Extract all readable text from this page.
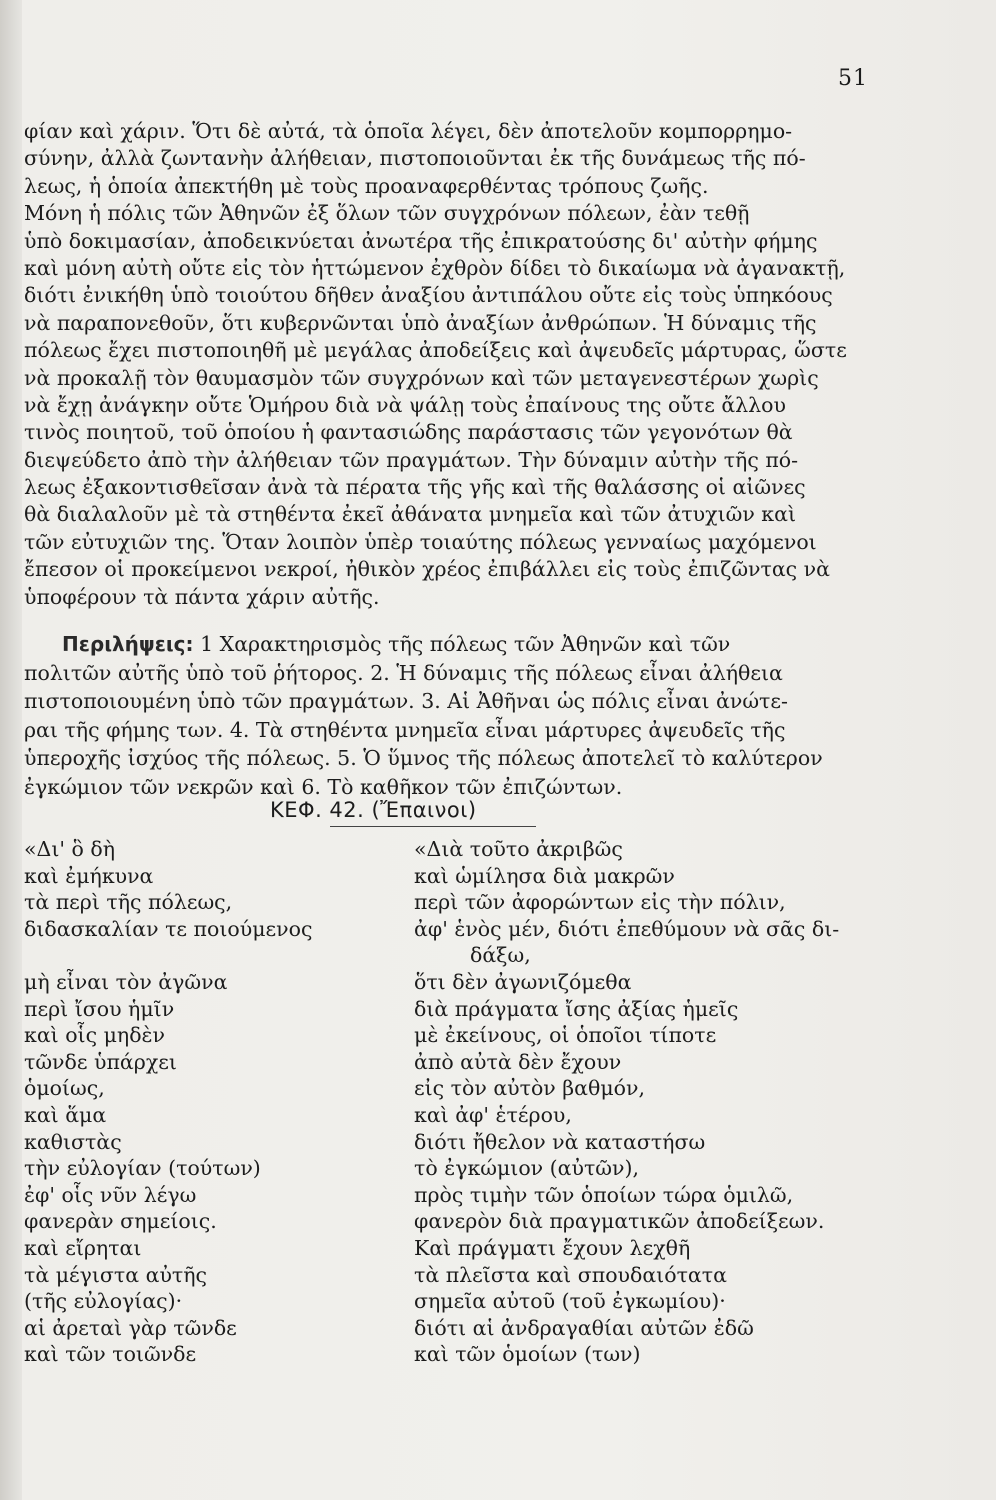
51
φίαν καὶ χάριν. Ὅτι δὲ αὐτά, τὰ ὁποῖα λέγει, δὲν ἀποτελοῦν κομπορρημο-
σύνην, ἀλλὰ ζωντανὴν ἀλήθειαν, πιστοποιοῦνται ἐκ τῆς δυνάμεως τῆς πό-
λεως, ἡ ὁποία ἀπεκτήθη μὲ τοὺς προαναφερθέντας τρόπους ζωῆς.
Μόνη ἡ πόλις τῶν Ἀθηνῶν ἐξ ὅλων τῶν συγχρόνων πόλεων, ἐὰν τεθῇ
ὑπὸ δοκιμασίαν, ἀποδεικνύεται ἀνωτέρα τῆς ἐπικρατούσης δι' αὐτὴν φήμης
καὶ μόνη αὐτὴ οὔτε εἰς τὸν ἡττώμενον ἐχθρὸν δίδει τὸ δικαίωμα νὰ ἀγανακτῇ,
διότι ἐνικήθη ὑπὸ τοιούτου δῆθεν ἀναξίου ἀντιπάλου οὔτε εἰς τοὺς ὑπηκόους
νὰ παραπονεθοῦν, ὅτι κυβερνῶνται ὑπὸ ἀναξίων ἀνθρώπων. Ἡ δύναμις τῆς
πόλεως ἔχει πιστοποιηθῆ μὲ μεγάλας ἀποδείξεις καὶ ἀψευδεῖς μάρτυρας, ὥστε
νὰ προκαλῇ τὸν θαυμασμὸν τῶν συγχρόνων καὶ τῶν μεταγενεστέρων χωρὶς
νὰ ἔχῃ ἀνάγκην οὔτε Ὁμήρου διὰ νὰ ψάλῃ τοὺς ἐπαίνους της οὔτε ἄλλου
τινὸς ποιητοῦ, τοῦ ὁποίου ἡ φαντασιώδης παράστασις τῶν γεγονότων θὰ
διεψεύδετο ἀπὸ τὴν ἀλήθειαν τῶν πραγμάτων. Τὴν δύναμιν αὐτὴν τῆς πό-
λεως ἐξακοντισθεῖσαν ἀνὰ τὰ πέρατα τῆς γῆς καὶ τῆς θαλάσσης οἱ αἰῶνες
θὰ διαλαλοῦν μὲ τὰ στηθέντα ἐκεῖ ἀθάνατα μνημεῖα καὶ τῶν ἀτυχιῶν καὶ
τῶν εὐτυχιῶν της. Ὅταν λοιπὸν ὑπὲρ τοιαύτης πόλεως γενναίως μαχόμενοι
ἔπεσον οἱ προκείμενοι νεκροί, ἠθικὸν χρέος ἐπιβάλλει εἰς τοὺς ἐπιζῶντας νὰ
ὑποφέρουν τὰ πάντα χάριν αὐτῆς.
Περιλήψεις: 1 Χαρακτηρισμὸς τῆς πόλεως τῶν Ἀθηνῶν καὶ τῶν
πολιτῶν αὐτῆς ὑπὸ τοῦ ῥήτορος. 2. Ἡ δύναμις τῆς πόλεως εἶναι ἀλήθεια
πιστοποιουμένη ὑπὸ τῶν πραγμάτων. 3. Αἱ Ἀθῆναι ὡς πόλις εἶναι ἀνώτε-
ραι τῆς φήμης των. 4. Τὰ στηθέντα μνημεῖα εἶναι μάρτυρες ἀψευδεῖς τῆς
ὑπεροχῆς ἰσχύος τῆς πόλεως. 5. Ὁ ὕμνος τῆς πόλεως ἀποτελεῖ τὸ καλύτερον
ἐγκώμιον τῶν νεκρῶν καὶ 6. Τὸ καθῆκον τῶν ἐπιζώντων.
ΚΕΦ. 42. (Ἔπαινοι)
«Δι' ὃ δὴ
καὶ ἐμήκυνα
τὰ περὶ τῆς πόλεως,
διδασκαλίαν τε ποιούμενος
μὴ εἶναι τὸν ἀγῶνα
περὶ ἴσου ἡμῖν
καὶ οἷς μηδὲν
τῶνδε ὑπάρχει
ὁμοίως,
καὶ ἅμα
καθιστὰς
τὴν εὐλογίαν (τούτων)
ἐφ' οἷς νῦν λέγω
φανερὰν σημείοις.
καὶ εἴρηται
τὰ μέγιστα αὐτῆς
(τῆς εὐλογίας)·
αἱ ἀρεταὶ γὰρ τῶνδε
καὶ τῶν τοιῶνδε
«Διὰ τοῦτο ἀκριβῶς
καὶ ὡμίλησα διὰ μακρῶν
περὶ τῶν ἀφορώντων εἰς τὴν πόλιν,
ἀφ' ἑνὸς μέν, διότι ἐπεθύμουν νὰ σᾶς δι-
δάξω,
ὅτι δὲν ἀγωνιζόμεθα
διὰ πράγματα ἴσης ἀξίας ἡμεῖς
μὲ ἐκείνους, οἱ ὁποῖοι τίποτε
ἀπὸ αὐτὰ δὲν ἔχουν
εἰς τὸν αὐτὸν βαθμόν,
καὶ ἀφ' ἑτέρου,
διότι ἤθελον νὰ καταστήσω
τὸ ἐγκώμιον (αὐτῶν),
πρὸς τιμὴν τῶν ὁποίων τώρα ὁμιλῶ,
φανερὸν διὰ πραγματικῶν ἀποδείξεων.
Καὶ πράγματι ἔχουν λεχθῆ
τὰ πλεῖστα καὶ σπουδαιότατα
σημεῖα αὐτοῦ (τοῦ ἐγκωμίου)·
διότι αἱ ἀνδραγαθίαι αὐτῶν ἐδῶ
καὶ τῶν ὁμοίων (των)
